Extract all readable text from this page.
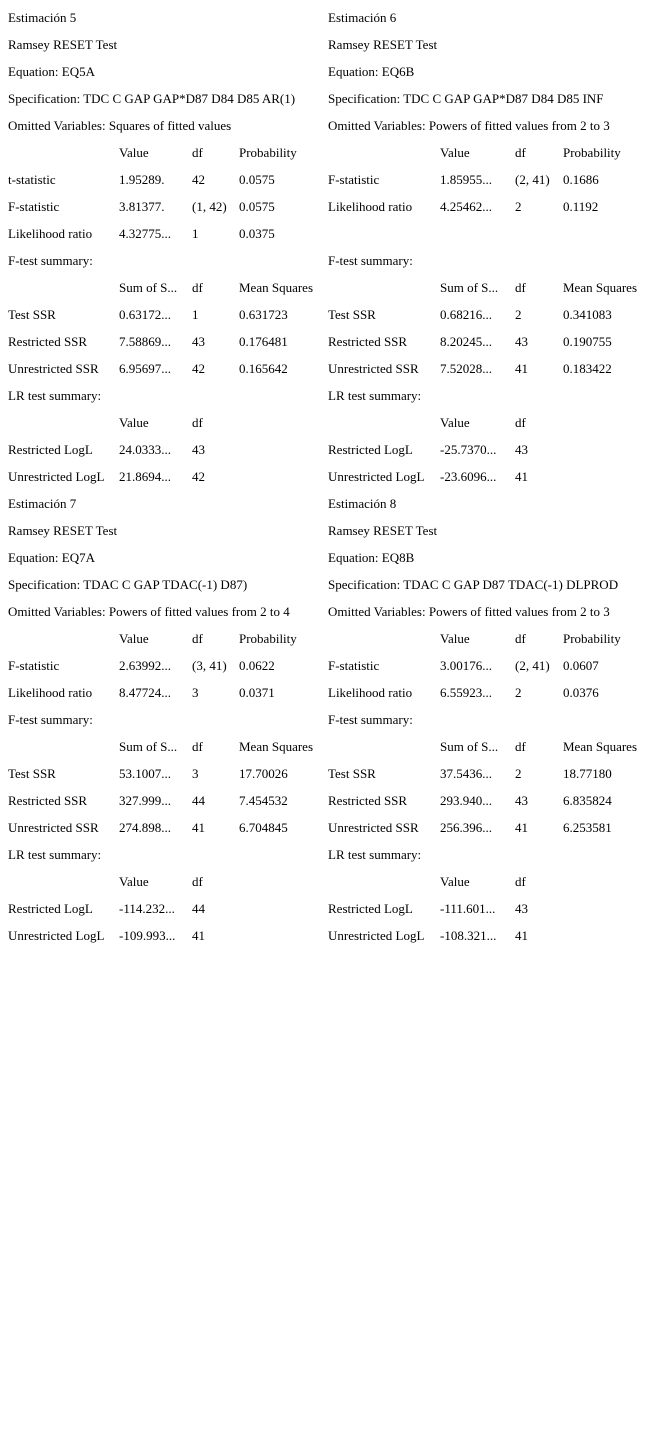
Estimación 5
Ramsey RESET Test
Equation: EQ5A
Specification: TDC C GAP GAP*D87 D84 D85 AR(1)
Omitted Variables: Squares of fitted values
Value	df	Probability
t-statistic	1.95289. 42	0.0575
F-statistic	3.81377. (1, 42) 0.0575
Likelihood ratio 4.32775... 1	0.0375
F-test summary:
Sum of S... df	Mean Squares
Test SSR	0.63172... 1	0.631723
Restricted SSR 7.58869... 43	0.176481
Unrestricted SSR 6.95697... 42	0.165642
LR test summary:
Value	df
Restricted LogL 24.0333... 43
Unrestricted LogL 21.8694... 42
Estimación 6
Ramsey RESET Test
Equation: EQ6B
Specification: TDC C GAP GAP*D87 D84 D85 INF
Omitted Variables: Powers of fitted values from 2 to 3
Value	df	Probability
F-statistic	1.85955... (2, 41) 0.1686
Likelihood ratio 4.25462... 2	0.1192
F-test summary:
Sum of S... df	Mean Squares
Test SSR	0.68216... 2	0.341083
Restricted SSR	8.20245... 43	0.190755
Unrestricted SSR 7.52028... 41	0.183422
LR test summary:
Value	df
Restricted LogL -25.7370... 43
Unrestricted LogL -23.6096... 41
Estimación 7
Ramsey RESET Test
Equation: EQ7A
Specification: TDAC C GAP TDAC(-1) D87)
Omitted Variables: Powers of fitted values from 2 to 4
Value	df	Probability
F-statistic	2.63992... (3, 41) 0.0622
Likelihood ratio 8.47724... 3	0.0371
F-test summary:
Sum of S... df	Mean Squares
Test SSR	53.1007... 3	17.70026
Restricted SSR 327.999... 44	7.454532
Unrestricted SSR 274.898... 41	6.704845
LR test summary:
Value	df
Restricted LogL -114.232... 44
Unrestricted LogL -109.993... 41
Estimación 8
Ramsey RESET Test
Equation: EQ8B
Specification: TDAC C GAP D87 TDAC(-1) DLPROD
Omitted Variables: Powers of fitted values from 2 to 3
Value	df	Probability
F-statistic	3.00176... (2, 41) 0.0607
Likelihood ratio 6.55923... 2	0.0376
F-test summary:
Sum of S... df	Mean Squares
Test SSR	37.5436... 2	18.77180
Restricted SSR	293.940... 43	6.835824
Unrestricted SSR 256.396... 41	6.253581
LR test summary:
Value	df
Restricted LogL -111.601... 43
Unrestricted LogL -108.321... 41
